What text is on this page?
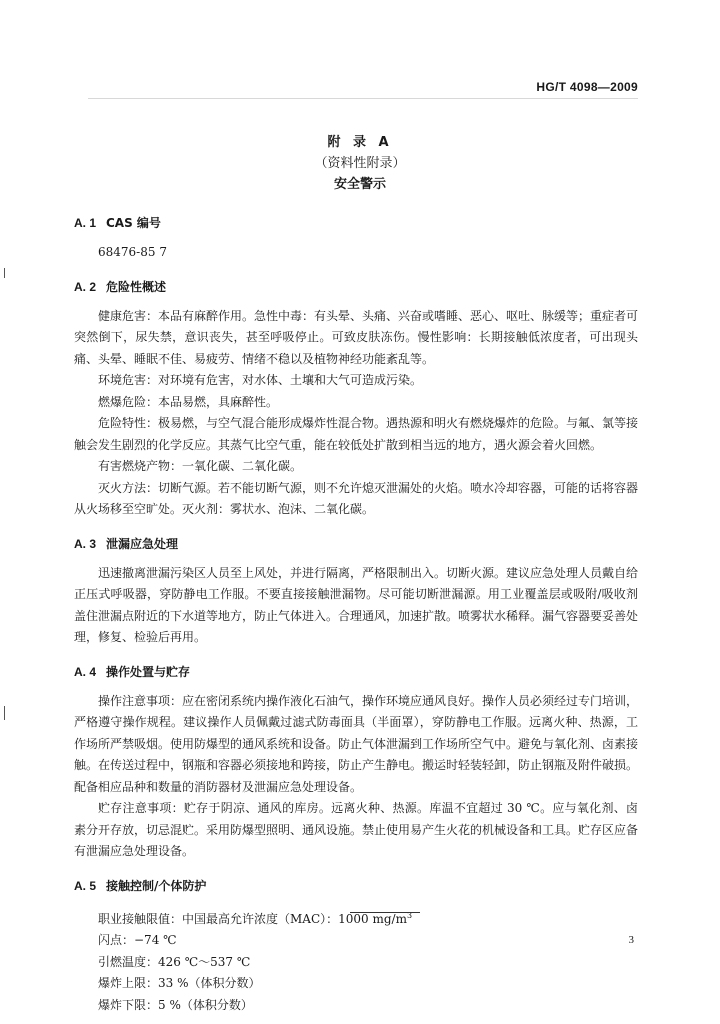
HG/T 4098—2009
附 录 A
（资料性附录）
安全警示
A. 1 CAS 编号

68476-85 7

A. 2 危险性概述

健康危害：本品有麻醉作用。急性中毒：有头晕、头痛、兴奋或嗜睡、恶心、呕吐、脉缓等；重症者可突然倒下，尿失禁，意识丧失，甚至呼吸停止。可致皮肤冻伤。慢性影响：长期接触低浓度者，可出现头痛、头晕、睡眠不佳、易疲劳、情绪不稳以及植物神经功能紊乱等。

环境危害：对环境有危害，对水体、土壤和大气可造成污染。

燃爆危险：本品易燃，具麻醉性。

危险特性：极易燃，与空气混合能形成爆炸性混合物。遇热源和明火有燃烧爆炸的危险。与氟、氯等接触会发生剧烈的化学反应。其蒸气比空气重，能在较低处扩散到相当远的地方，遇火源会着火回燃。

有害燃烧产物：一氧化碳、二氧化碳。

灭火方法：切断气源。若不能切断气源，则不允许熄灭泄漏处的火焰。喷水冷却容器，可能的话将容器从火场移至空旷处。灭火剂：雾状水、泡沫、二氧化碳。

A. 3 泄漏应急处理

迅速撤离泄漏污染区人员至上风处，并进行隔离，严格限制出入。切断火源。建议应急处理人员戴自给正压式呼吸器，穿防静电工作服。不要直接接触泄漏物。尽可能切断泄漏源。用工业覆盖层或吸附/吸收剂盖住泄漏点附近的下水道等地方，防止气体进入。合理通风，加速扩散。喷雾状水稀释。漏气容器要妥善处理，修复、检验后再用。

A. 4 操作处置与贮存

操作注意事项：应在密闭系统内操作液化石油气，操作环境应通风良好。操作人员必须经过专门培训，严格遵守操作规程。建议操作人员佩戴过滤式防毒面具（半面罩），穿防静电工作服。远离火种、热源，工作场所严禁吸烟。使用防爆型的通风系统和设备。防止气体泄漏到工作场所空气中。避免与氧化剂、卤素接触。在传送过程中，钢瓶和容器必须接地和跨接，防止产生静电。搬运时轻装轻卸，防止钢瓶及附件破损。配备相应品种和数量的消防器材及泄漏应急处理设备。

贮存注意事项：贮存于阴凉、通风的库房。远离火种、热源。库温不宜超过 30 ℃。应与氧化剂、卤素分开存放，切忌混贮。采用防爆型照明、通风设施。禁止使用易产生火花的机械设备和工具。贮存区应备有泄漏应急处理设备。

A. 5 接触控制/个体防护
职业接触限值：中国最高允许浓度（MAC）：1000 $mg/m^3$
闪点：−74 ℃
引燃温度：426 ℃～537 ℃
爆炸上限：33 %（体积分数）
爆炸下限：5 %（体积分数）
3
